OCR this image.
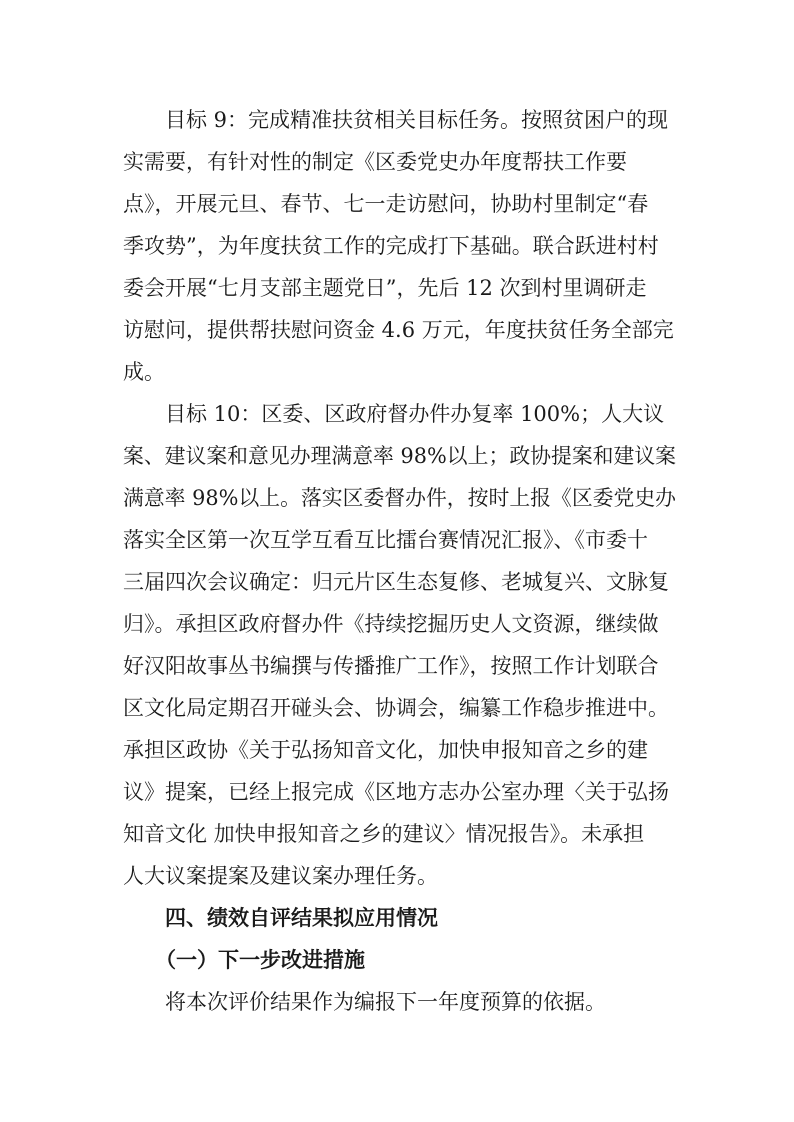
目标 9：完成精准扶贫相关目标任务。按照贫困户的现
实需要，有针对性的制定《区委党史办年度帮扶工作要
点》，开展元旦、春节、七一走访慰问，协助村里制定“春
季攻势”，为年度扶贫工作的完成打下基础。联合跃进村村
委会开展“七月支部主题党日”，先后 12 次到村里调研走
访慰问，提供帮扶慰问资金 4.6 万元，年度扶贫任务全部完
成。
目标 10：区委、区政府督办件办复率 100%；人大议
案、建议案和意见办理满意率 98%以上；政协提案和建议案
满意率 98%以上。落实区委督办件，按时上报《区委党史办
落实全区第一次互学互看互比擂台赛情况汇报》、《市委十
三届四次会议确定：归元片区生态复修、老城复兴、文脉复
归》。承担区政府督办件《持续挖掘历史人文资源，继续做
好汉阳故事丛书编撰与传播推广工作》，按照工作计划联合
区文化局定期召开碰头会、协调会，编纂工作稳步推进中。
承担区政协《关于弘扬知音文化，加快申报知音之乡的建
议》提案，已经上报完成《区地方志办公室办理〈关于弘扬
知音文化 加快申报知音之乡的建议〉情况报告》。未承担
人大议案提案及建议案办理任务。
四、绩效自评结果拟应用情况
（一）下一步改进措施
将本次评价结果作为编报下一年度预算的依据。
